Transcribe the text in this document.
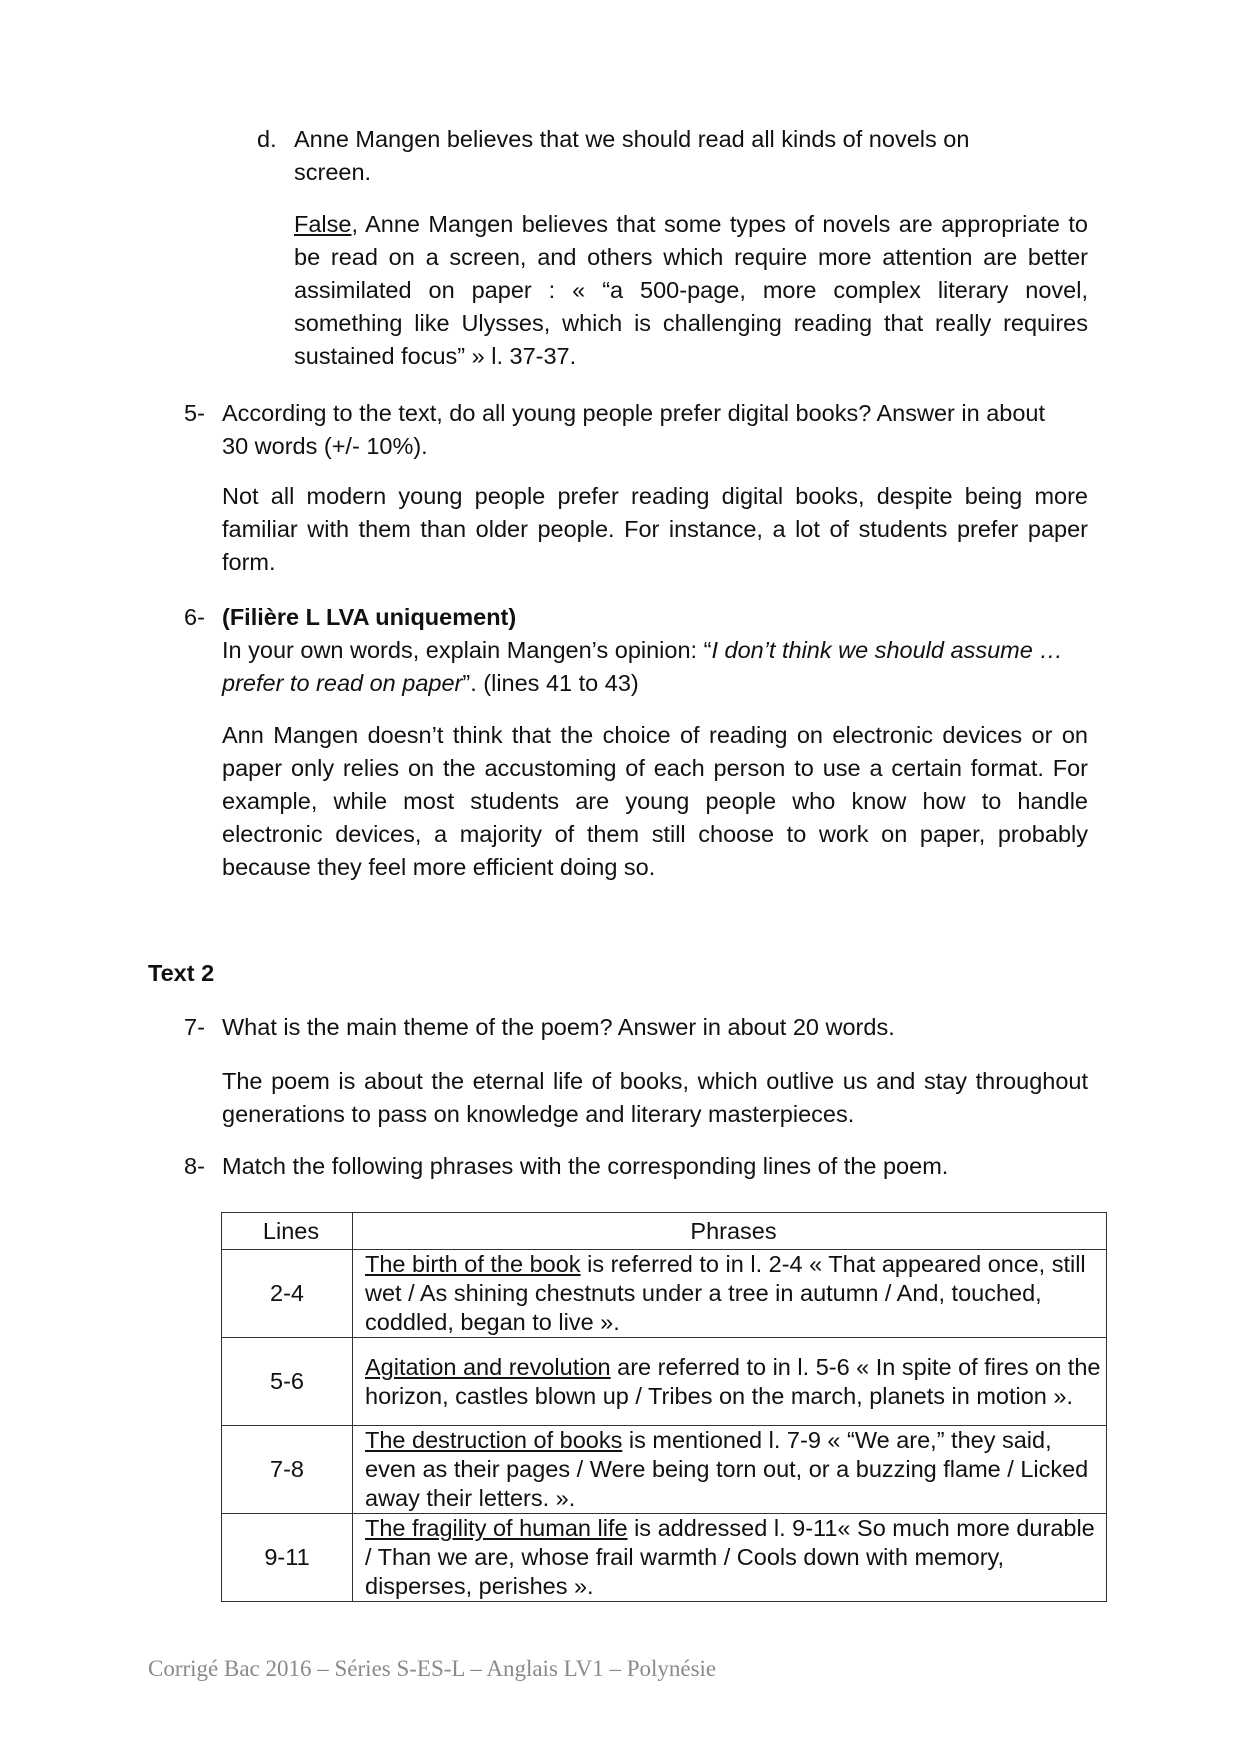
d. Anne Mangen believes that we should read all kinds of novels on screen.
False, Anne Mangen believes that some types of novels are appropriate to be read on a screen, and others which require more attention are better assimilated on paper : « “a 500-page, more complex literary novel, something like Ulysses, which is challenging reading that really requires sustained focus” » l. 37-37.
5- According to the text, do all young people prefer digital books? Answer in about 30 words (+/- 10%).
Not all modern young people prefer reading digital books, despite being more familiar with them than older people. For instance, a lot of students prefer paper form.
6- (Filière L LVA uniquement)
In your own words, explain Mangen’s opinion: “I don’t think we should assume … prefer to read on paper”. (lines 41 to 43)
Ann Mangen doesn’t think that the choice of reading on electronic devices or on paper only relies on the accustoming of each person to use a certain format. For example, while most students are young people who know how to handle electronic devices, a majority of them still choose to work on paper, probably because they feel more efficient doing so.
Text 2
7- What is the main theme of the poem? Answer in about 20 words.
The poem is about the eternal life of books, which outlive us and stay throughout generations to pass on knowledge and literary masterpieces.
8- Match the following phrases with the corresponding lines of the poem.
Lines	Phrases
2-4	The birth of the book is referred to in l. 2-4 « That appeared once, still wet / As shining chestnuts under a tree in autumn / And, touched, coddled, began to live ».
5-6	Agitation and revolution are referred to in l. 5-6 « In spite of fires on the horizon, castles blown up / Tribes on the march, planets in motion ».
7-8	The destruction of books is mentioned l. 7-9 « “We are,” they said, even as their pages / Were being torn out, or a buzzing flame / Licked away their letters. ».
9-11	The fragility of human life is addressed l. 9-11« So much more durable / Than we are, whose frail warmth / Cools down with memory, disperses, perishes ».
Corrigé Bac 2016 – Séries S-ES-L – Anglais LV1 – Polynésie
